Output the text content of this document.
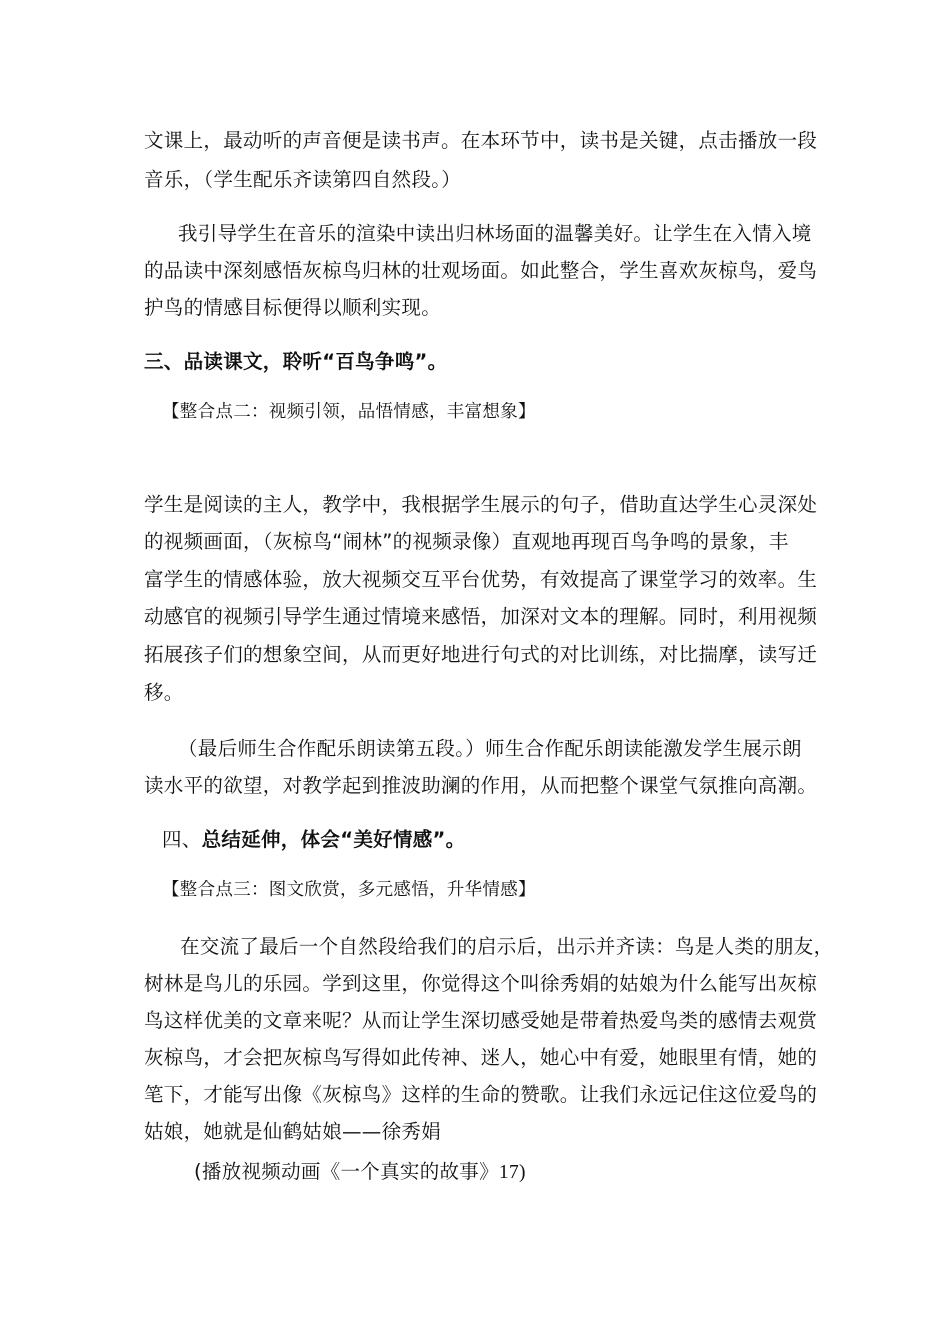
文课上，最动听的声音便是读书声。在本环节中，读书是关键，点击播放一段
音乐，（学生配乐齐读第四自然段。）
我引导学生在音乐的渲染中读出归林场面的温馨美好。让学生在入情入境
的品读中深刻感悟灰椋鸟归林的壮观场面。如此整合，学生喜欢灰椋鸟，爱鸟
护鸟的情感目标便得以顺利实现。
三、品读课文，聆听“百鸟争鸣”。
【整合点二：视频引领，品悟情感，丰富想象】
学生是阅读的主人，教学中，我根据学生展示的句子，借助直达学生心灵深处
的视频画面，（灰椋鸟“闹林”的视频录像）直观地再现百鸟争鸣的景象，丰
富学生的情感体验，放大视频交互平台优势，有效提高了课堂学习的效率。生
动感官的视频引导学生通过情境来感悟，加深对文本的理解。同时，利用视频
拓展孩子们的想象空间，从而更好地进行句式的对比训练，对比揣摩，读写迁
移。
（最后师生合作配乐朗读第五段。）师生合作配乐朗读能激发学生展示朗
读水平的欲望，对教学起到推波助澜的作用，从而把整个课堂气氛推向高潮。
四、总结延伸，体会“美好情感”。
【整合点三：图文欣赏，多元感悟，升华情感】
在交流了最后一个自然段给我们的启示后，出示并齐读：鸟是人类的朋友，
树林是鸟儿的乐园。学到这里，你觉得这个叫徐秀娟的姑娘为什么能写出灰椋
鸟这样优美的文章来呢？从而让学生深切感受她是带着热爱鸟类的感情去观赏
灰椋鸟，才会把灰椋鸟写得如此传神、迷人，她心中有爱，她眼里有情，她的
笔下，才能写出像《灰椋鸟》这样的生命的赞歌。让我们永远记住这位爱鸟的
姑娘，她就是仙鹤姑娘——徐秀娟
(播放视频动画《一个真实的故事》17)
